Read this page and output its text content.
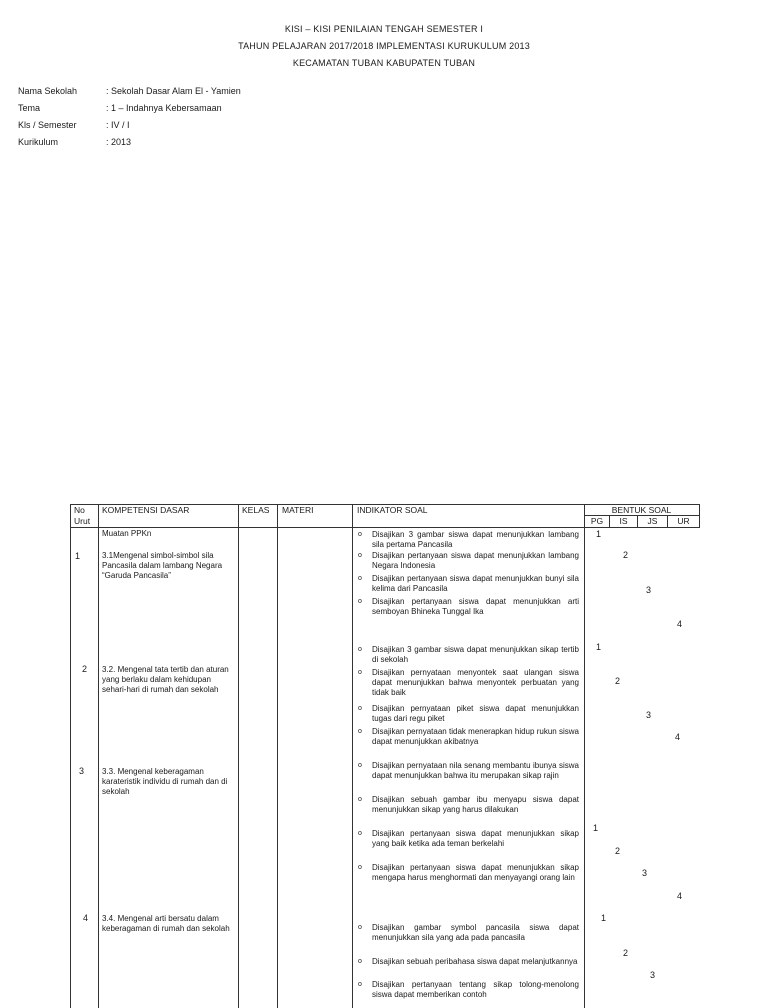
KISI – KISI PENILAIAN TENGAH SEMESTER I
TAHUN PELAJARAN 2017/2018 IMPLEMENTASI KURUKULUM 2013
KECAMATAN TUBAN KABUPATEN TUBAN
Nama Sekolah	: Sekolah Dasar Alam El - Yamien
Tema	: 1 – Indahnya Kebersamaan
Kls / Semester	: IV / I
Kurikulum	: 2013
No
Urut
KOMPETENSI DASAR	KELAS MATERI	INDIKATOR SOAL	BENTUK SOAL
PG	IS	JS	UR
Muatan PPKn
1	3.1Mengenal simbol-simbol sila Pancasila dalam lambang Negara “Garuda Pancasila”
o Disajikan 3 gambar siswa dapat menunjukkan lambang sila pertama Pancasila
o Disajikan pertanyaan siswa dapat menunjukkan lambang Negara Indonesia
o Disajikan pertanyaan siswa dapat menunjukkan bunyi sila kelima dari Pancasila
o Disajikan pertanyaan siswa dapat menunjukkan arti semboyan Bhineka Tunggal Ika
1
2
3
4
2 3.2. Mengenal tata tertib dan aturan yang berlaku dalam kehidupan sehari-hari di rumah dan sekolah
o Disajikan 3 gambar siswa dapat menunjukkan sikap tertib di sekolah
o Disajikan pernyataan menyontek saat ulangan siswa dapat menunjukkan bahwa menyontek perbuatan yang tidak baik
o Disajikan pernyataan piket siswa dapat menunjukkan tugas dari regu piket
o Disajikan pernyataan tidak menerapkan hidup rukun siswa dapat menunjukkan akibatnya
1
2
3
4
3 3.3. Mengenal keberagaman karateristik individu di rumah dan di sekolah
o Disajikan pernyataan nila senang membantu ibunya siswa dapat menunjukkan bahwa itu merupakan sikap rajin
o Disajikan sebuah gambar ibu menyapu siswa dapat menunjukkan sikap yang harus dilakukan
o Disajikan pertanyaan siswa dapat menunjukkan sikap yang baik ketika ada teman berkelahi
o Disajikan pertanyaan siswa dapat menunjukkan sikap mengapa harus menghormati dan menyayangi orang lain
1
2
3
4
4 3.4. Mengenal arti bersatu dalam keberagaman di rumah dan sekolah
o	Disajikan gambar symbol pancasila siswa dapat menunjukkan sila yang ada pada pancasila
o Disajikan sebuah peribahasa siswa dapat melanjutkannya
o Disajikan pertanyaan tentang sikap tolong-menolong siswa dapat memberikan contoh
1
2
3
